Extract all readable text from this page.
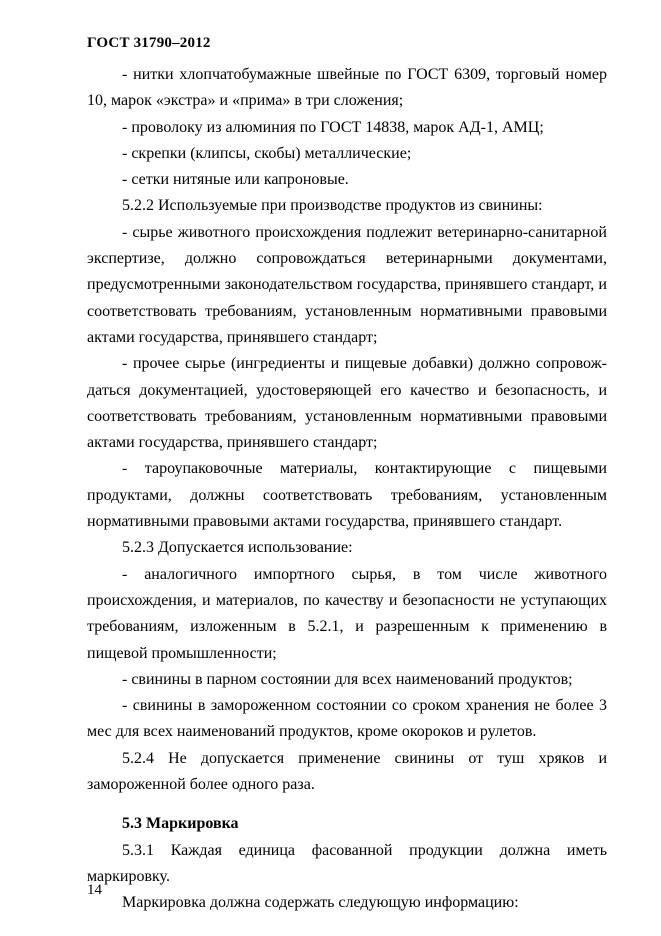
ГОСТ 31790–2012

- нитки хлопчатобумажные швейные по ГОСТ 6309, торговый номер 10, марок «экстра» и «прима» в три сложения;

- проволоку из алюминия по ГОСТ 14838, марок АД-1, АМЦ;

- скрепки (клипсы, скобы) металлические;

- сетки нитяные или капроновые.

5.2.2 Используемые при производстве продуктов из свинины:

- сырье животного происхождения подлежит ветеринарно-санитарной экспертизе, должно сопровождаться ветеринарными документами, предусмотренными законодательством государства, принявшего стандарт, и соответствовать требованиям, установленным нормативными правовыми актами государства, принявшего стандарт;

- прочее сырье (ингредиенты и пищевые добавки) должно сопровождаться документацией, удостоверяющей его качество и безопасность, и соответствовать требованиям, установленным нормативными правовыми актами государства, принявшего стандарт;

- тароупаковочные материалы, контактирующие с пищевыми продуктами, должны соответствовать требованиям, установленным нормативными правовыми актами государства, принявшего стандарт.

5.2.3 Допускается использование:

- аналогичного импортного сырья, в том числе животного происхождения, и материалов, по качеству и безопасности не уступающих требованиям, изложенным в 5.2.1, и разрешенным к применению в пищевой промышленности;

- свинины в парном состоянии для всех наименований продуктов;

- свинины в замороженном состоянии со сроком хранения не более 3 мес для всех наименований продуктов, кроме окороков и рулетов.

5.2.4 Не допускается применение свинины от туш хряков и замороженной более одного раза.

5.3 Маркировка

5.3.1 Каждая единица фасованной продукции должна иметь маркировку.

Маркировка должна содержать следующую информацию:

14
